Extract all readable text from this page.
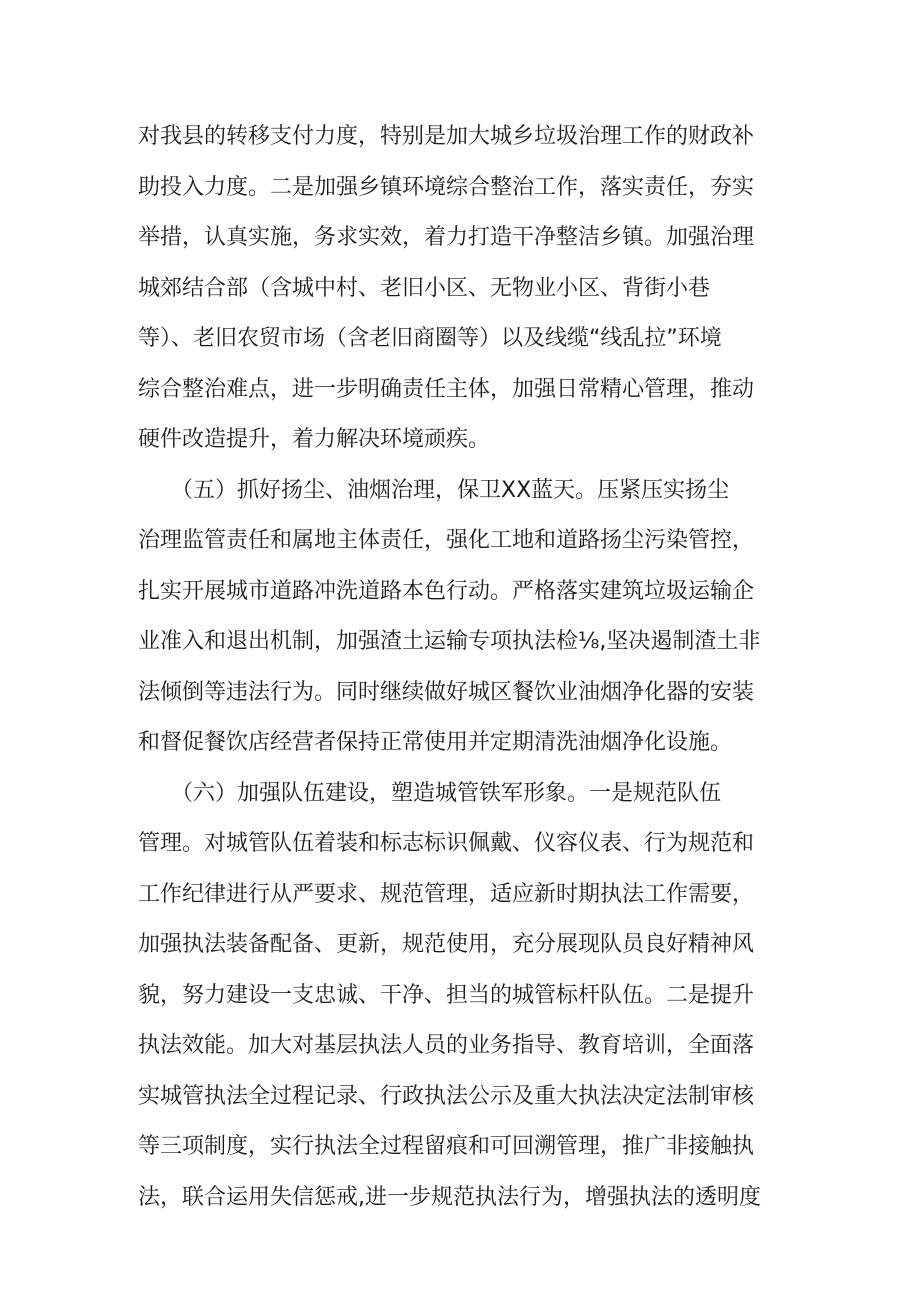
对我县的转移支付力度，特别是加大城乡垃圾治理工作的财政补
助投入力度。二是加强乡镇环境综合整治工作，落实责任，夯实
举措，认真实施，务求实效，着力打造干净整洁乡镇。加强治理
城郊结合部（含城中村、老旧小区、无物业小区、背街小巷
等）、老旧农贸市场（含老旧商圈等）以及线缆“线乱拉”环境
综合整治难点，进一步明确责任主体，加强日常精心管理，推动
硬件改造提升，着力解决环境顽疾。
　　（五）抓好扬尘、油烟治理，保卫XX蓝天。压紧压实扬尘
治理监管责任和属地主体责任，强化工地和道路扬尘污染管控，
扎实开展城市道路冲洗道路本色行动。严格落实建筑垃圾运输企
业准入和退出机制，加强渣土运输专项执法检⅛,坚决遏制渣土非
法倾倒等违法行为。同时继续做好城区餐饮业油烟净化器的安装
和督促餐饮店经营者保持正常使用并定期清洗油烟净化设施。
　　（六）加强队伍建设，塑造城管铁军形象。一是规范队伍
管理。对城管队伍着装和标志标识佩戴、仪容仪表、行为规范和
工作纪律进行从严要求、规范管理，适应新时期执法工作需要，
加强执法装备配备、更新，规范使用，充分展现队员良好精神风
貌，努力建设一支忠诚、干净、担当的城管标杆队伍。二是提升
执法效能。加大对基层执法人员的业务指导、教育培训，全面落
实城管执法全过程记录、行政执法公示及重大执法决定法制审核
等三项制度，实行执法全过程留痕和可回溯管理，推广非接触执
法，联合运用失信惩戒,进一步规范执法行为，增强执法的透明度
